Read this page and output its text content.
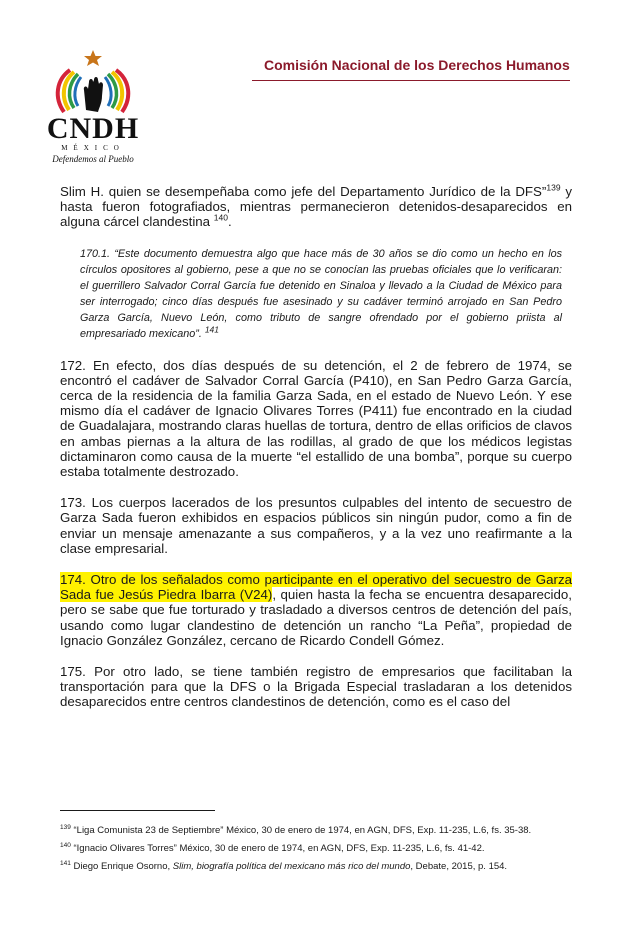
CNDH
MÉXICO
Defendemos al Pueblo
Comisión Nacional de los Derechos Humanos

Slim H. quien se desempeñaba como jefe del Departamento Jurídico de la DFS”$^{139}$ y hasta fueron fotografiados, mientras permanecieron detenidos-desaparecidos en alguna cárcel clandestina $^{140}$.

170.1. “Este documento demuestra algo que hace más de 30 años se dio como un hecho en los círculos opositores al gobierno, pese a que no se conocían las pruebas oficiales que lo verificaran: el guerrillero Salvador Corral García fue detenido en Sinaloa y llevado a la Ciudad de México para ser interrogado; cinco días después fue asesinado y su cadáver terminó arrojado en San Pedro Garza García, Nuevo León, como tributo de sangre ofrendado por el gobierno priista al empresariado mexicano”. $^{141}$

172. En efecto, dos días después de su detención, el 2 de febrero de 1974, se encontró el cadáver de Salvador Corral García (P410), en San Pedro Garza García, cerca de la residencia de la familia Garza Sada, en el estado de Nuevo León. Y ese mismo día el cadáver de Ignacio Olivares Torres (P411) fue encontrado en la ciudad de Guadalajara, mostrando claras huellas de tortura, dentro de ellas orificios de clavos en ambas piernas a la altura de las rodillas, al grado de que los médicos legistas dictaminaron como causa de la muerte “el estallido de una bomba”, porque su cuerpo estaba totalmente destrozado.

173. Los cuerpos lacerados de los presuntos culpables del intento de secuestro de Garza Sada fueron exhibidos en espacios públicos sin ningún pudor, como a fin de enviar un mensaje amenazante a sus compañeros, y a la vez uno reafirmante a la clase empresarial.

174. Otro de los señalados como participante en el operativo del secuestro de Garza Sada fue Jesús Piedra Ibarra (V24), quien hasta la fecha se encuentra desaparecido, pero se sabe que fue torturado y trasladado a diversos centros de detención del país, usando como lugar clandestino de detención un rancho “La Peña”, propiedad de Ignacio González González, cercano de Ricardo Condell Gómez.

175. Por otro lado, se tiene también registro de empresarios que facilitaban la transportación para que la DFS o la Brigada Especial trasladaran a los detenidos desaparecidos entre centros clandestinos de detención, como es el caso del

$^{139}$ “Liga Comunista 23 de Septiembre” México, 30 de enero de 1974, en AGN, DFS, Exp. 11-235, L.6, fs. 35-38.
$^{140}$ “Ignacio Olivares Torres” México, 30 de enero de 1974, en AGN, DFS, Exp. 11-235, L.6, fs. 41-42.
$^{141}$ Diego Enrique Osorno, Slim, biografía política del mexicano más rico del mundo, Debate, 2015, p. 154.
